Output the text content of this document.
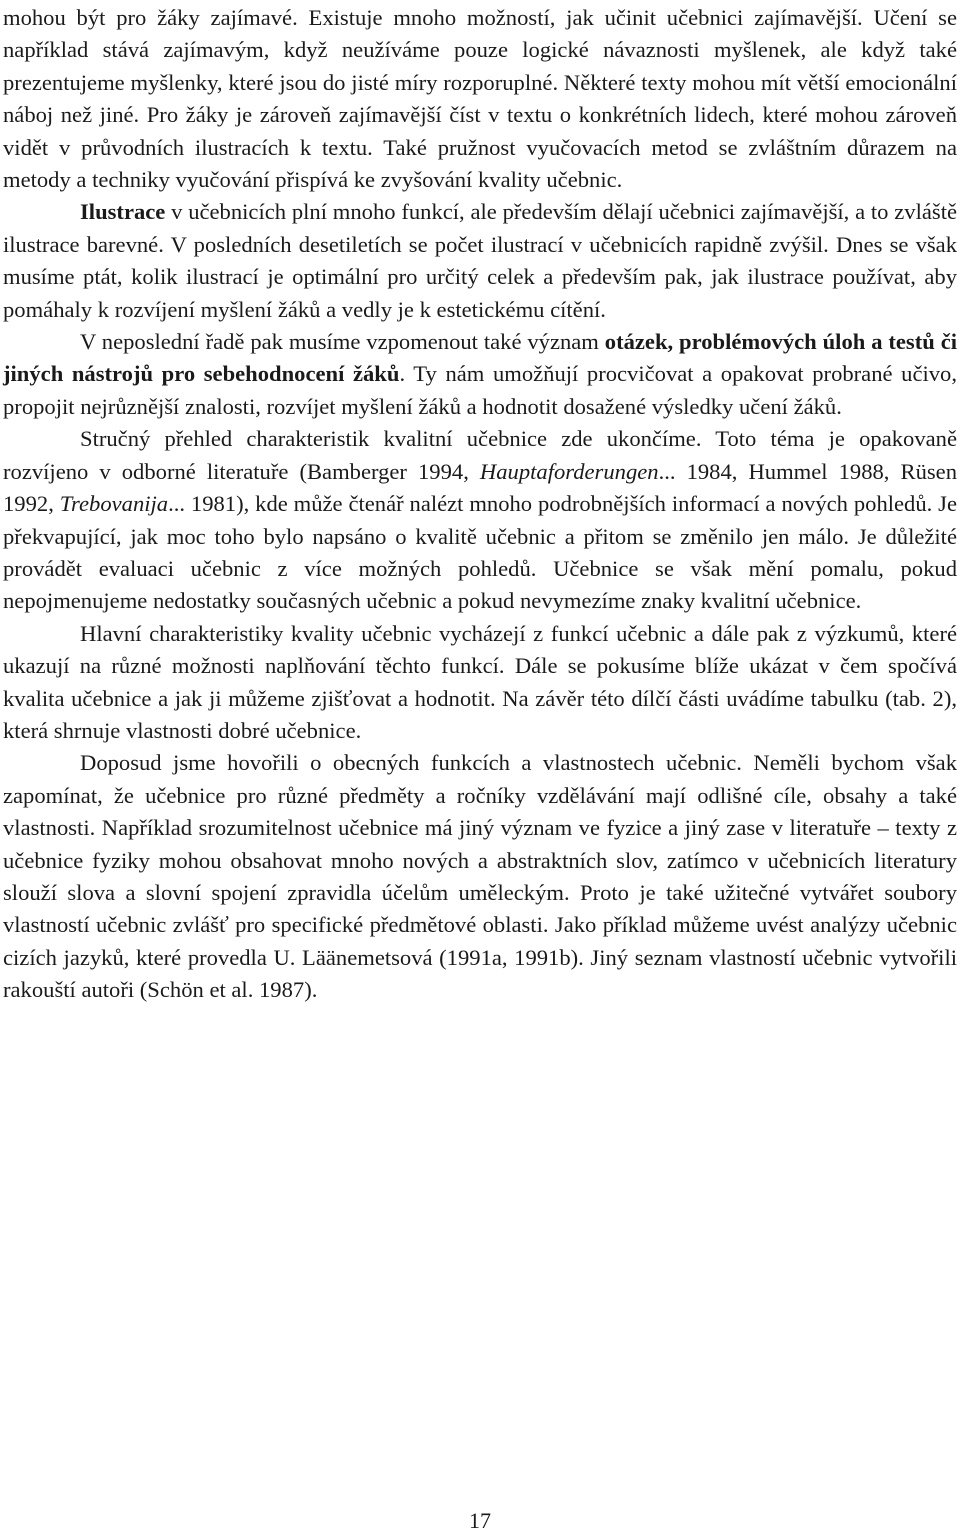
mohou být pro žáky zajímavé. Existuje mnoho možností, jak učinit učebnici zajímavější. Učení se například stává zajímavým, když neužíváme pouze logické návaznosti myšlenek, ale když také prezentujeme myšlenky, které jsou do jisté míry rozporuplné. Některé texty mohou mít větší emocionální náboj než jiné. Pro žáky je zároveň zajímavější číst v textu o konkrétních lidech, které mohou zároveň vidět v průvodních ilustracích k textu. Také pružnost vyučovacích metod se zvláštním důrazem na metody a techniky vyučování přispívá ke zvyšování kvality učebnic.

Ilustrace v učebnicích plní mnoho funkcí, ale především dělají učebnici zajímavější, a to zvláště ilustrace barevné. V posledních desetiletích se počet ilustrací v učebnicích rapidně zvýšil. Dnes se však musíme ptát, kolik ilustrací je optimální pro určitý celek a především pak, jak ilustrace používat, aby pomáhaly k rozvíjení myšlení žáků a vedly je k estetickému cítění.

V neposlední řadě pak musíme vzpomenout také význam otázek, problémových úloh a testů či jiných nástrojů pro sebehodnocení žáků. Ty nám umožňují procvičovat a opakovat probrané učivo, propojit nejrůznější znalosti, rozvíjet myšlení žáků a hodnotit dosažené výsledky učení žáků.

Stručný přehled charakteristik kvalitní učebnice zde ukončíme. Toto téma je opakovaně rozvíjeno v odborné literatuře (Bamberger 1994, Hauptaforderungen... 1984, Hummel 1988, Rüsen 1992, Trebovanija... 1981), kde může čtenář nalézt mnoho podrobnějších informací a nových pohledů. Je překvapující, jak moc toho bylo napsáno o kvalitě učebnic a přitom se změnilo jen málo. Je důležité provádět evaluaci učebnic z více možných pohledů. Učebnice se však mění pomalu, pokud nepojmenujeme nedostatky současných učebnic a pokud nevymezíme znaky kvalitní učebnice.

Hlavní charakteristiky kvality učebnic vycházejí z funkcí učebnic a dále pak z výzkumů, které ukazují na různé možnosti naplňování těchto funkcí. Dále se pokusíme blíže ukázat v čem spočívá kvalita učebnice a jak ji můžeme zjišťovat a hodnotit. Na závěr této dílčí části uvádíme tabulku (tab. 2), která shrnuje vlastnosti dobré učebnice.

Doposud jsme hovořili o obecných funkcích a vlastnostech učebnic. Neměli bychom však zapomínat, že učebnice pro různé předměty a ročníky vzdělávání mají odlišné cíle, obsahy a také vlastnosti. Například srozumitelnost učebnice má jiný význam ve fyzice a jiný zase v literatuře – texty z učebnice fyziky mohou obsahovat mnoho nových a abstraktních slov, zatímco v učebnicích literatury slouží slova a slovní spojení zpravidla účelům uměleckým. Proto je také užitečné vytvářet soubory vlastností učebnic zvlášť pro specifické předmětové oblasti. Jako příklad můžeme uvést analýzy učebnic cizích jazyků, které provedla U. Läänemetsová (1991a, 1991b). Jiný seznam vlastností učebnic vytvořili rakouští autoři (Schön et al. 1987).

17
